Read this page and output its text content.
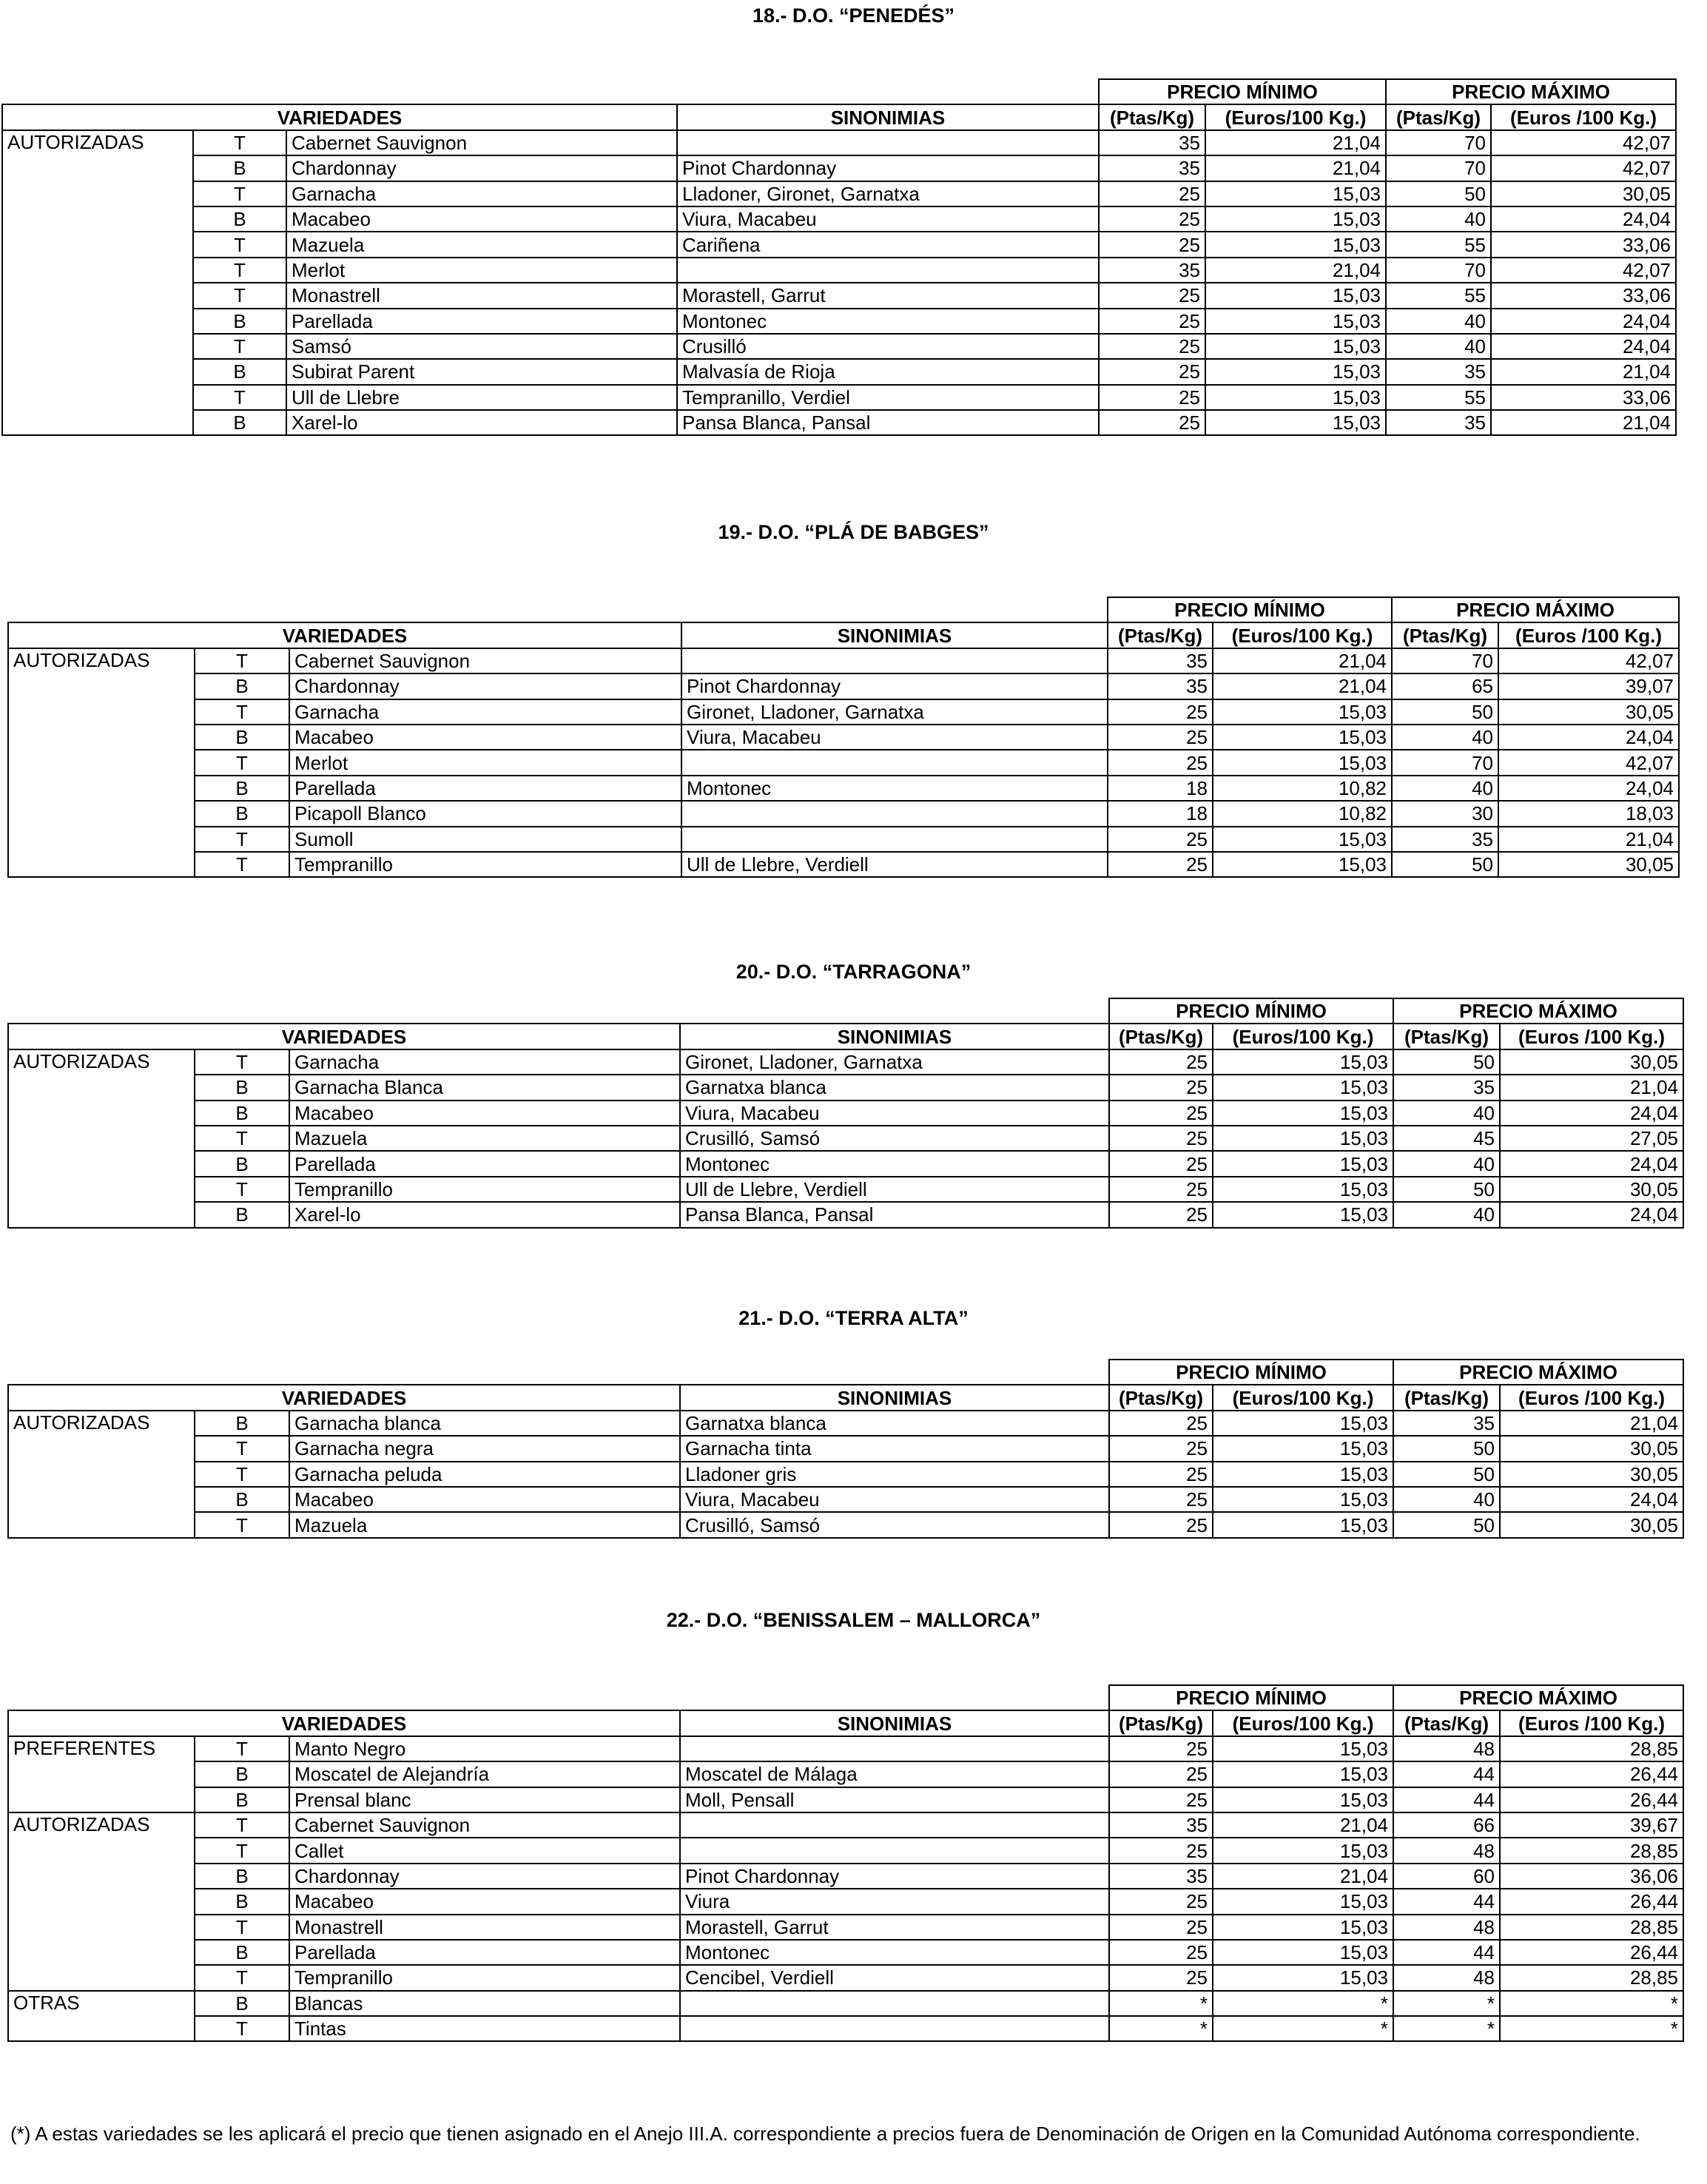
18.- D.O. “PENEDÉS”
				PRECIO MÍNIMO		PRECIO MÁXIMO	
VARIEDADES			SINONIMIAS	(Ptas/Kg)	(Euros/100 Kg.)	(Ptas/Kg)	(Euros /100 Kg.)
AUTORIZADAS	T	Cabernet Sauvignon		35	21,04	70	42,07
	B	Chardonnay	Pinot Chardonnay	35	21,04	70	42,07
	T	Garnacha	Lladoner, Gironet, Garnatxa	25	15,03	50	30,05
	B	Macabeo	Viura, Macabeu	25	15,03	40	24,04
	T	Mazuela	Cariñena	25	15,03	55	33,06
	T	Merlot		35	21,04	70	42,07
	T	Monastrell	Morastell, Garrut	25	15,03	55	33,06
	B	Parellada	Montonec	25	15,03	40	24,04
	T	Samsó	Crusilló	25	15,03	40	24,04
	B	Subirat Parent	Malvasía de Rioja	25	15,03	35	21,04
	T	Ull de Llebre	Tempranillo, Verdiel	25	15,03	55	33,06
	B	Xarel-lo	Pansa Blanca, Pansal	25	15,03	35	21,04
19.- D.O. “PLÁ DE BABGES”
				PRECIO MÍNIMO		PRECIO MÁXIMO	
VARIEDADES			SINONIMIAS	(Ptas/Kg)	(Euros/100 Kg.)	(Ptas/Kg)	(Euros /100 Kg.)
AUTORIZADAS	T	Cabernet Sauvignon		35	21,04	70	42,07
	B	Chardonnay	Pinot Chardonnay	35	21,04	65	39,07
	T	Garnacha	Gironet, Lladoner, Garnatxa	25	15,03	50	30,05
	B	Macabeo	Viura, Macabeu	25	15,03	40	24,04
	T	Merlot		25	15,03	70	42,07
	B	Parellada	Montonec	18	10,82	40	24,04
	B	Picapoll Blanco		18	10,82	30	18,03
	T	Sumoll		25	15,03	35	21,04
	T	Tempranillo	Ull de Llebre, Verdiell	25	15,03	50	30,05
20.- D.O. “TARRAGONA”
				PRECIO MÍNIMO		PRECIO MÁXIMO	
VARIEDADES			SINONIMIAS	(Ptas/Kg)	(Euros/100 Kg.)	(Ptas/Kg)	(Euros /100 Kg.)
AUTORIZADAS	T	Garnacha	Gironet, Lladoner, Garnatxa	25	15,03	50	30,05
	B	Garnacha Blanca	Garnatxa blanca	25	15,03	35	21,04
	B	Macabeo	Viura, Macabeu	25	15,03	40	24,04
	T	Mazuela	Crusilló, Samsó	25	15,03	45	27,05
	B	Parellada	Montonec	25	15,03	40	24,04
	T	Tempranillo	Ull de Llebre, Verdiell	25	15,03	50	30,05
	B	Xarel-lo	Pansa Blanca, Pansal	25	15,03	40	24,04
21.- D.O. “TERRA ALTA”
				PRECIO MÍNIMO		PRECIO MÁXIMO	
VARIEDADES			SINONIMIAS	(Ptas/Kg)	(Euros/100 Kg.)	(Ptas/Kg)	(Euros /100 Kg.)
AUTORIZADAS	B	Garnacha blanca	Garnatxa blanca	25	15,03	35	21,04
	T	Garnacha negra	Garnacha tinta	25	15,03	50	30,05
	T	Garnacha peluda	Lladoner gris	25	15,03	50	30,05
	B	Macabeo	Viura, Macabeu	25	15,03	40	24,04
	T	Mazuela	Crusilló, Samsó	25	15,03	50	30,05
22.- D.O. “BENISSALEM – MALLORCA”
				PRECIO MÍNIMO		PRECIO MÁXIMO	
VARIEDADES			SINONIMIAS	(Ptas/Kg)	(Euros/100 Kg.)	(Ptas/Kg)	(Euros /100 Kg.)
PREFERENTES	T	Manto Negro		25	15,03	48	28,85
	B	Moscatel de Alejandría	Moscatel de Málaga	25	15,03	44	26,44
	B	Prensal blanc	Moll, Pensall	25	15,03	44	26,44
AUTORIZADAS	T	Cabernet Sauvignon		35	21,04	66	39,67
	T	Callet		25	15,03	48	28,85
	B	Chardonnay	Pinot Chardonnay	35	21,04	60	36,06
	B	Macabeo	Viura	25	15,03	44	26,44
	T	Monastrell	Morastell, Garrut	25	15,03	48	28,85
	B	Parellada	Montonec	25	15,03	44	26,44
	T	Tempranillo	Cencibel, Verdiell	25	15,03	48	28,85
OTRAS	B	Blancas		*	*	*	*
	T	Tintas		*	*	*	*
(*) A estas variedades se les aplicará el precio que tienen asignado en el Anejo III.A. correspondiente a precios fuera de Denominación de Origen en la Comunidad Autónoma correspondiente.
